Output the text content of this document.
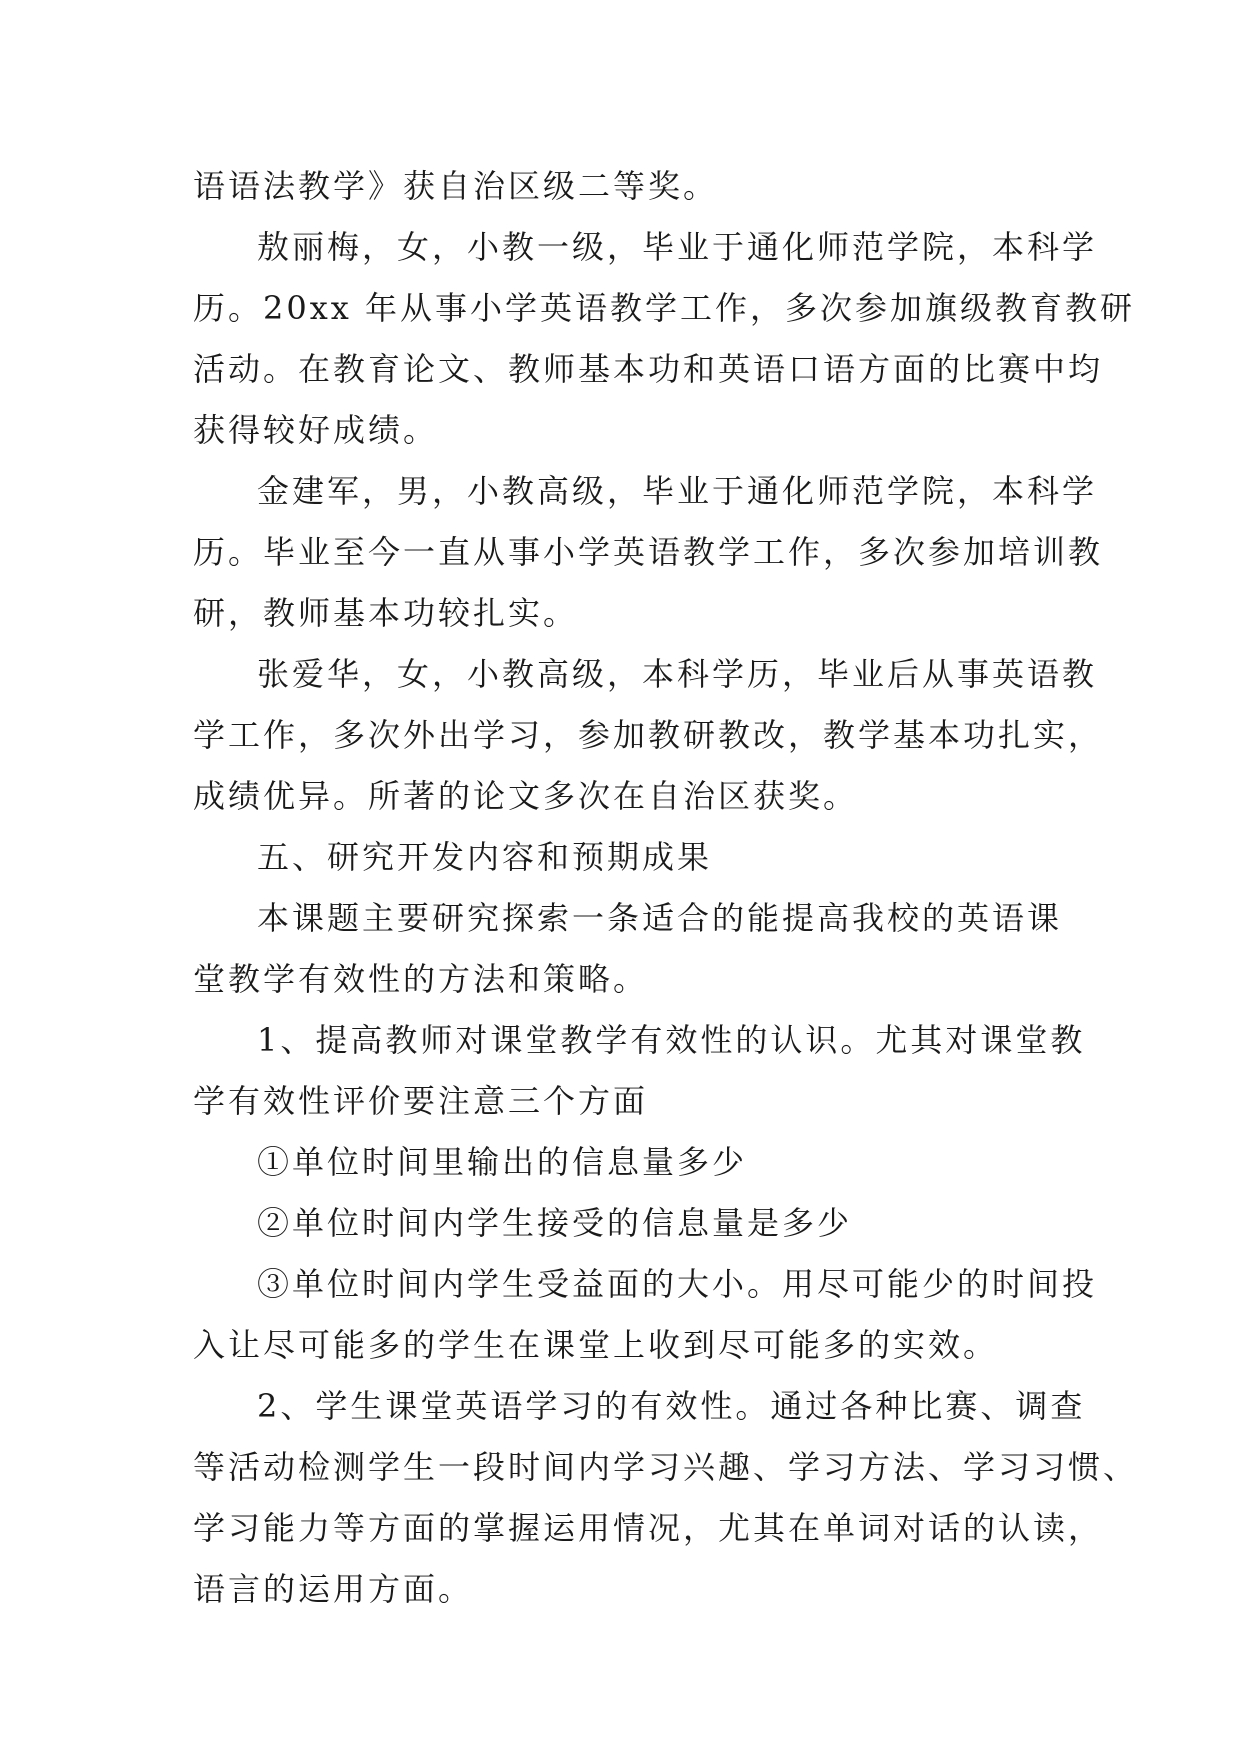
语语法教学》获自治区级二等奖。
敖丽梅，女，小教一级，毕业于通化师范学院，本科学
历。20xx 年从事小学英语教学工作，多次参加旗级教育教研
活动。在教育论文、教师基本功和英语口语方面的比赛中均
获得较好成绩。
金建军，男，小教高级，毕业于通化师范学院，本科学
历。毕业至今一直从事小学英语教学工作，多次参加培训教
研，教师基本功较扎实。
张爱华，女，小教高级，本科学历，毕业后从事英语教
学工作，多次外出学习，参加教研教改，教学基本功扎实，
成绩优异。所著的论文多次在自治区获奖。
五、研究开发内容和预期成果
本课题主要研究探索一条适合的能提高我校的英语课
堂教学有效性的方法和策略。
1、提高教师对课堂教学有效性的认识。尤其对课堂教
学有效性评价要注意三个方面
①单位时间里输出的信息量多少
②单位时间内学生接受的信息量是多少
③单位时间内学生受益面的大小。用尽可能少的时间投
入让尽可能多的学生在课堂上收到尽可能多的实效。
2、学生课堂英语学习的有效性。通过各种比赛、调查
等活动检测学生一段时间内学习兴趣、学习方法、学习习惯、
学习能力等方面的掌握运用情况，尤其在单词对话的认读，
语言的运用方面。
